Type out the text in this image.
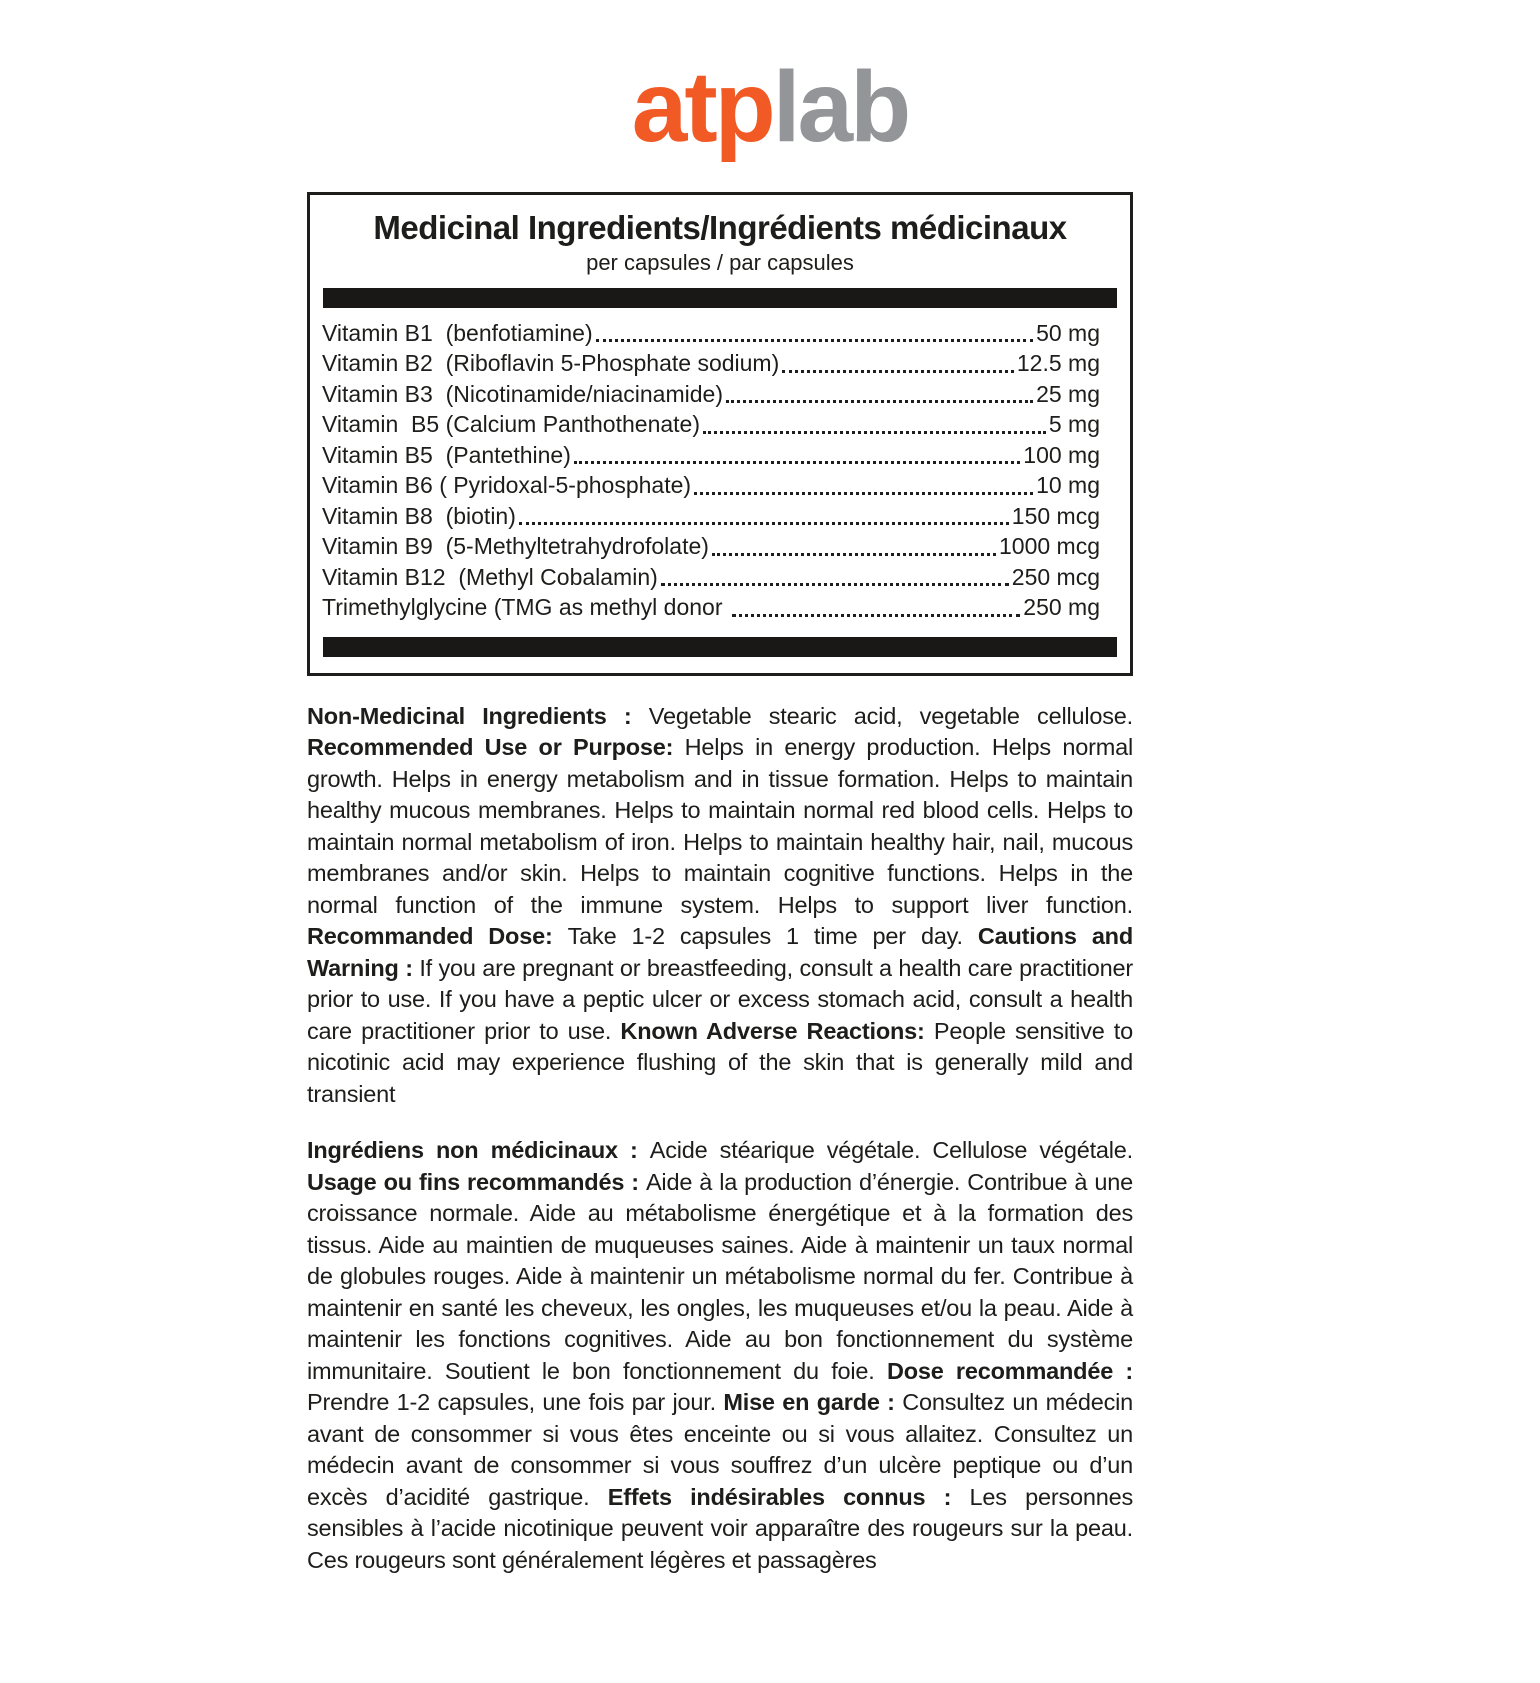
atplab
Medicinal Ingredients/Ingrédients médicinaux
per capsules / par capsules
Vitamin B1  (benfotiamine)	50 mg
Vitamin B2  (Riboflavin 5-Phosphate sodium)	12.5 mg
Vitamin B3  (Nicotinamide/niacinamide)	25 mg
Vitamin  B5 (Calcium Panthothenate)	5 mg
Vitamin B5  (Pantethine)	100 mg
Vitamin B6 ( Pyridoxal-5-phosphate)	10 mg
Vitamin B8  (biotin)	150 mcg
Vitamin B9  (5-Methyltetrahydrofolate)	1000 mcg
Vitamin B12  (Methyl Cobalamin)	250 mcg
Trimethylglycine (TMG as methyl donor	250 mg

Non-Medicinal Ingredients : Vegetable stearic acid, vegetable cellulose. Recommended Use or Purpose: Helps in energy production. Helps normal growth. Helps in energy metabolism and in tissue formation. Helps to maintain healthy mucous membranes. Helps to maintain normal red blood cells. Helps to maintain normal metabolism of iron. Helps to maintain healthy hair, nail, mucous membranes and/or skin. Helps to maintain cognitive functions. Helps in the normal function of the immune system. Helps to support liver function. Recommanded Dose: Take 1-2 capsules 1 time per day. Cautions and Warning : If you are pregnant or breastfeeding, consult a health care practitioner prior to use. If you have a peptic ulcer or excess stomach acid, consult a health care practitioner prior to use. Known Adverse Reactions: People sensitive to nicotinic acid may experience flushing of the skin that is generally mild and transient

Ingrédiens non médicinaux : Acide stéarique végétale. Cellulose végétale. Usage ou fins recommandés : Aide à la production d’énergie. Contribue à une croissance normale. Aide au métabolisme énergétique et à la formation des tissus. Aide au maintien de muqueuses saines. Aide à maintenir un taux normal de globules rouges. Aide à maintenir un métabolisme normal du fer. Contribue à maintenir en santé les cheveux, les ongles, les muqueuses et/ou la peau. Aide à maintenir les fonctions cognitives. Aide au bon fonctionnement du système immunitaire. Soutient le bon fonctionnement du foie. Dose recommandée : Prendre 1-2 capsules, une fois par jour. Mise en garde : Consultez un médecin avant de consommer si vous êtes enceinte ou si vous allaitez. Consultez un médecin avant de consommer si vous souffrez d’un ulcère peptique ou d’un excès d’acidité gastrique. Effets indésirables connus : Les personnes sensibles à l’acide nicotinique peuvent voir apparaître des rougeurs sur la peau. Ces rougeurs sont généralement légères et passagères
